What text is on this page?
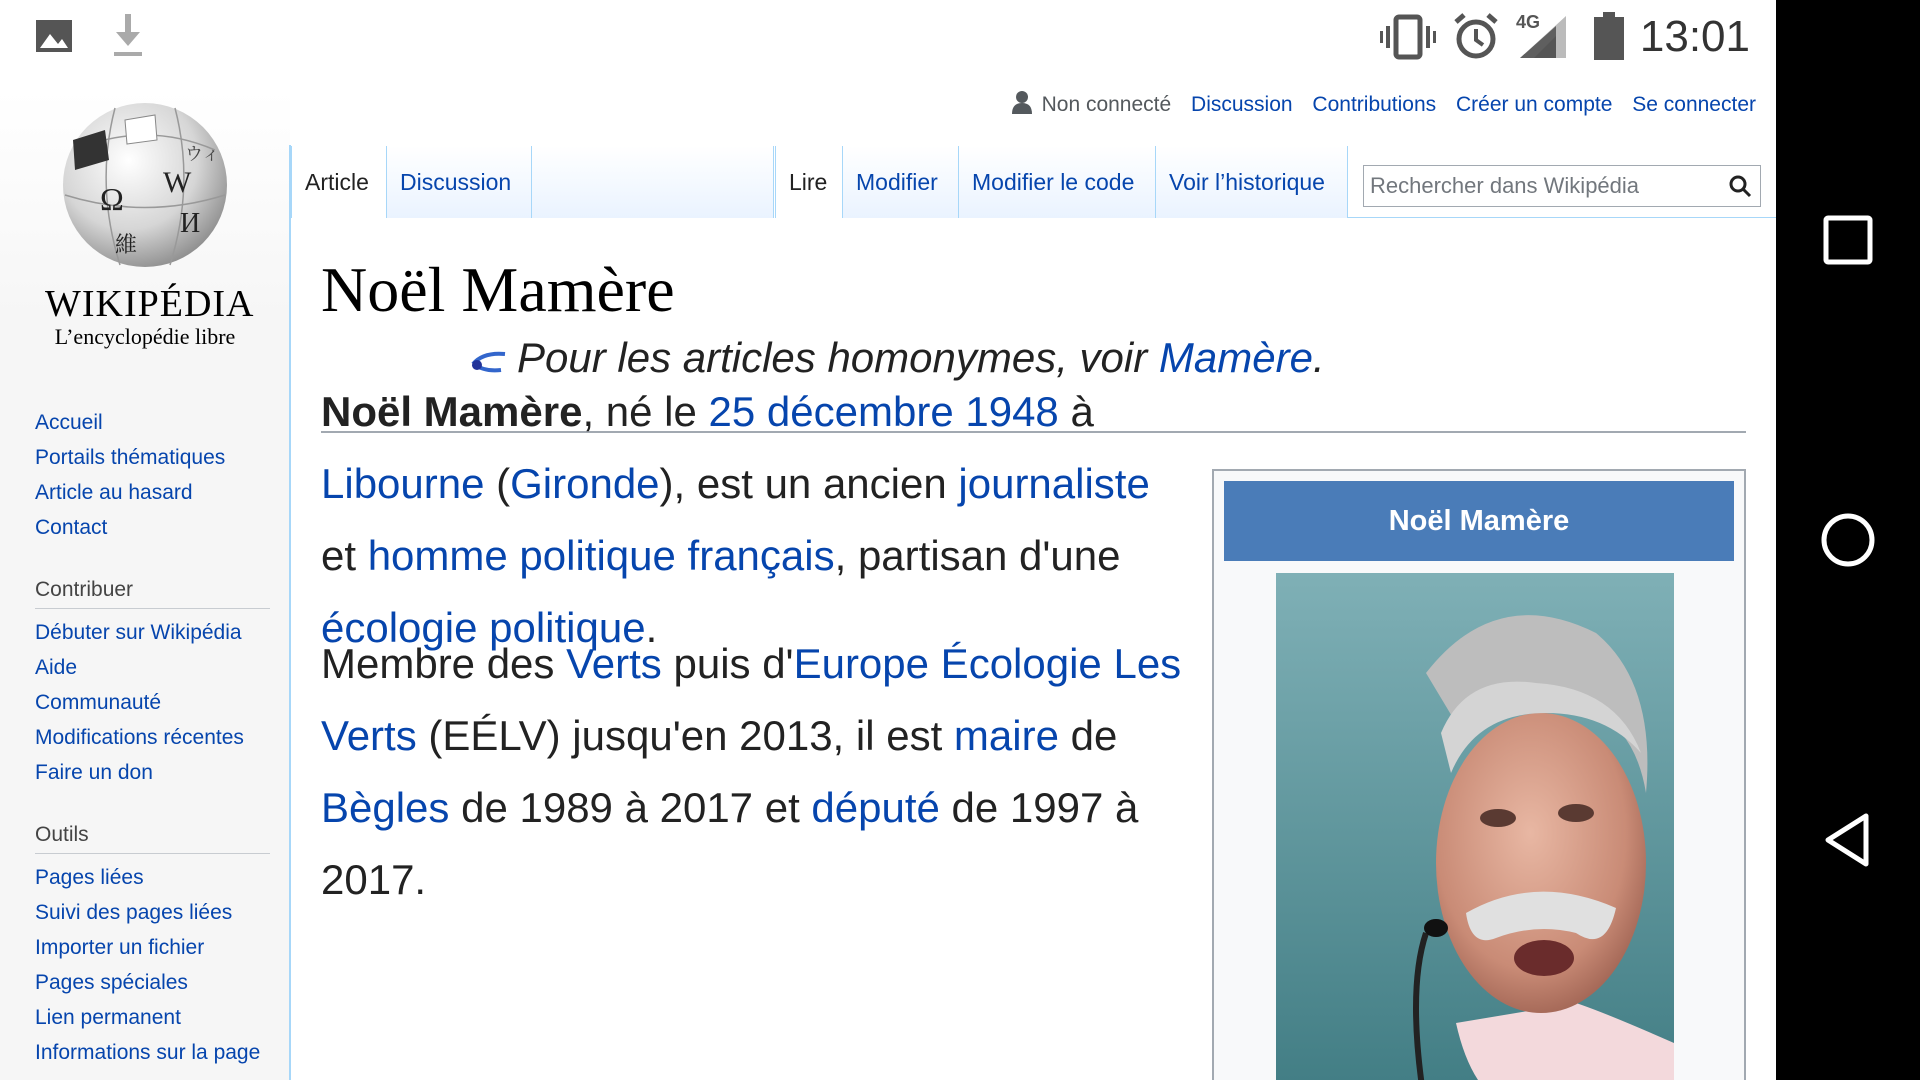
4G 13:01
Ω W
И
維
ウィ
WIKIPÉDIA
L’encyclopédie libre
Accueil
Portails thématiques
Article au hasard
Contact
Contribuer
Débuter sur Wikipédia
Aide
Communauté
Modifications récentes
Faire un don
Outils
Pages liées
Suivi des pages liées
Importer un fichier
Pages spéciales
Lien permanent
Informations sur la page
Non connecté Discussion Contributions Créer un compte Se connecter
Article	Discussion	Lire	Modifier	Modifier le code	Voir l’historique	Rechercher dans Wikipédia
Noël Mamère
Pour les articles homonymes, voir Mamère.
Noël Mamère, né le 25 décembre 1948 à Libourne (Gironde), est un ancien journaliste et homme politique français, partisan d'une écologie politique.
Membre des Verts puis d'Europe Écologie Les Verts (EÉLV) jusqu'en 2013, il est maire de Bègles de 1989 à 2017 et député de 1997 à 2017.
Noël Mamère
